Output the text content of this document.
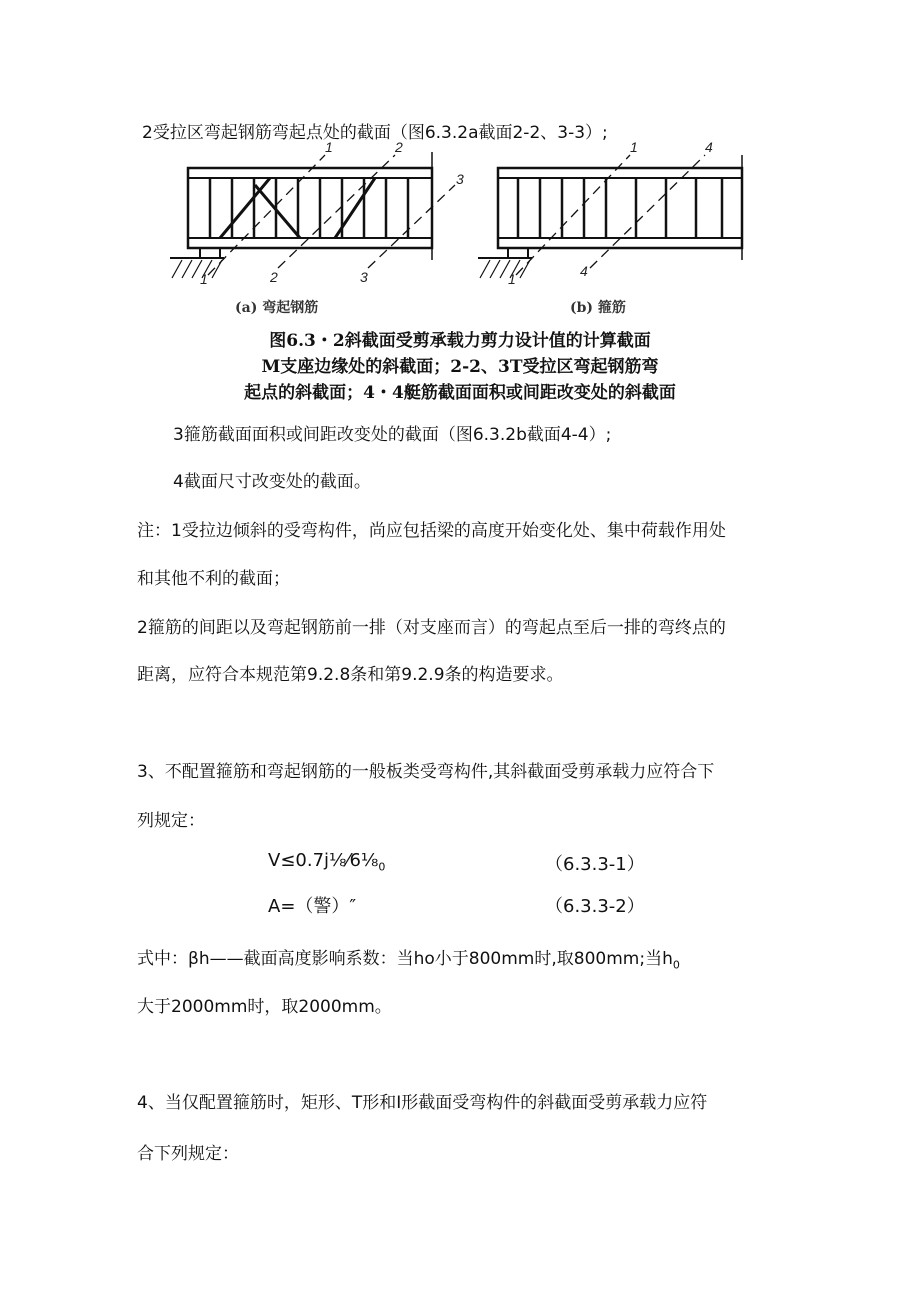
2受拉区弯起钢筋弯起点处的截面（图6.3.2a截面2-2、3-3）;
1	2
3
2	3
1
(a) 弯起钢筋
1	4
4
1
(b) 箍筋
图6.3・2斜截面受剪承载力剪力设计值的计算截面
M支座边缘处的斜截面；2-2、3T受拉区弯起钢筋弯
起点的斜截面；4・4艇筋截面面积或间距改变处的斜截面
3箍筋截面面积或间距改变处的截面（图6.3.2b截面4-4）;
4截面尺寸改变处的截面。
注：1受拉边倾斜的受弯构件，尚应包括梁的高度开始变化处、集中荷载作用处
和其他不利的截面；
2箍筋的间距以及弯起钢筋前一排（对支座而言）的弯起点至后一排的弯终点的
距离，应符合本规范第9.2.8条和第9.2.9条的构造要求。
3、不配置箍筋和弯起钢筋的一般板类受弯构件,其斜截面受剪承载力应符合下
列规定：
$V\le 0.7j\frac{1}{8}⁄6\frac{1}{8}_0$	（6.3.3-1）
A=（警）″	（6.3.3-2）
式中：βh——截面高度影响系数：当ho小于800mm时,取800mm;当$h_0$
大于2000mm时，取2000mm。
4、当仅配置箍筋时，矩形、T形和I形截面受弯构件的斜截面受剪承载力应符
合下列规定：
